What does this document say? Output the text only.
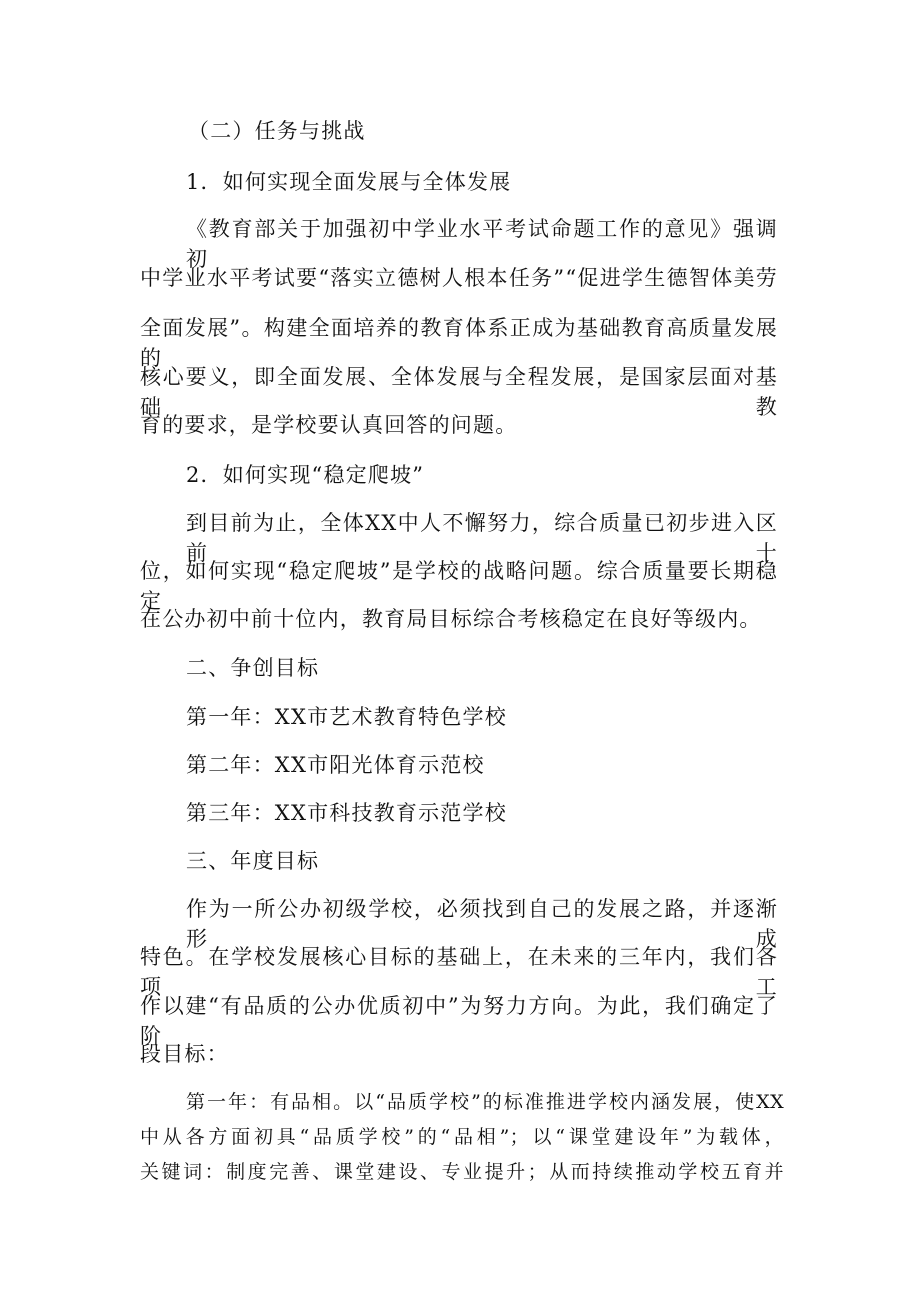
（二）任务与挑战
1．如何实现全面发展与全体发展
《教育部关于加强初中学业水平考试命题工作的意见》强调初
中学业水平考试要“落实立德树人根本任务”“促进学生德智体美劳
全面发展”。构建全面培养的教育体系正成为基础教育高质量发展的
核心要义，即全面发展、全体发展与全程发展，是国家层面对基础教
育的要求，是学校要认真回答的问题。
2．如何实现“稳定爬坡”
到目前为止，全体XX中人不懈努力，综合质量已初步进入区前十
位，如何实现“稳定爬坡”是学校的战略问题。综合质量要长期稳定
在公办初中前十位内，教育局目标综合考核稳定在良好等级内。
二、争创目标
第一年：XX市艺术教育特色学校
第二年：XX市阳光体育示范校
第三年：XX市科技教育示范学校
三、年度目标
作为一所公办初级学校，必须找到自己的发展之路，并逐渐形成
特色。在学校发展核心目标的基础上，在未来的三年内，我们各项工
作以建“有品质的公办优质初中”为努力方向。为此，我们确定了阶
段目标：
第一年：有品相。以“品质学校”的标准推进学校内涵发展，使XX
中从各方面初具“品质学校”的“品相”；以“课堂建设年”为载体，
关键词：制度完善、课堂建设、专业提升；从而持续推动学校五育并
